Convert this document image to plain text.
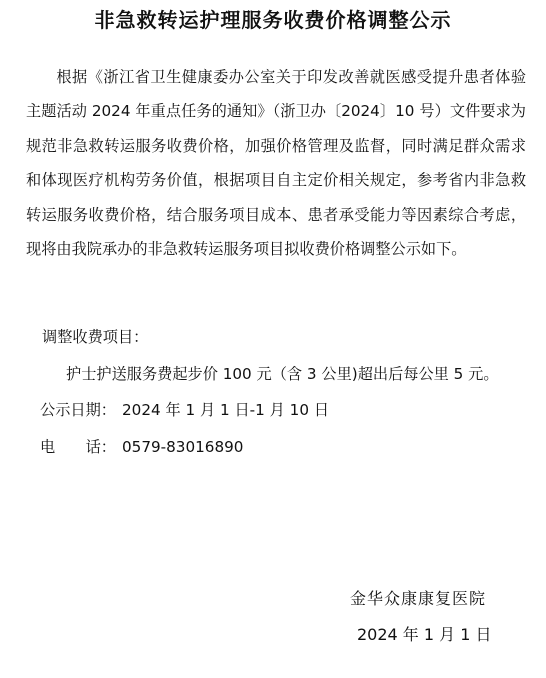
非急救转运护理服务收费价格调整公示

根据《浙江省卫生健康委办公室关于印发改善就医感受提升患者体验主题活动 2024 年重点任务的通知》（浙卫办〔2024〕10 号）文件要求为规范非急救转运服务收费价格，加强价格管理及监督，同时满足群众需求和体现医疗机构劳务价值，根据项目自主定价相关规定，参考省内非急救转运服务收费价格，结合服务项目成本、患者承受能力等因素综合考虑，现将由我院承办的非急救转运服务项目拟收费价格调整公示如下。

调整收费项目：

护士护送服务费起步价 100 元（含 3 公里)超出后每公里 5 元。

公示日期： 2024 年 1 月 1 日-1 月 10 日

电　　话： 0579-83016890

金华众康康复医院

2024 年 1 月 1 日
